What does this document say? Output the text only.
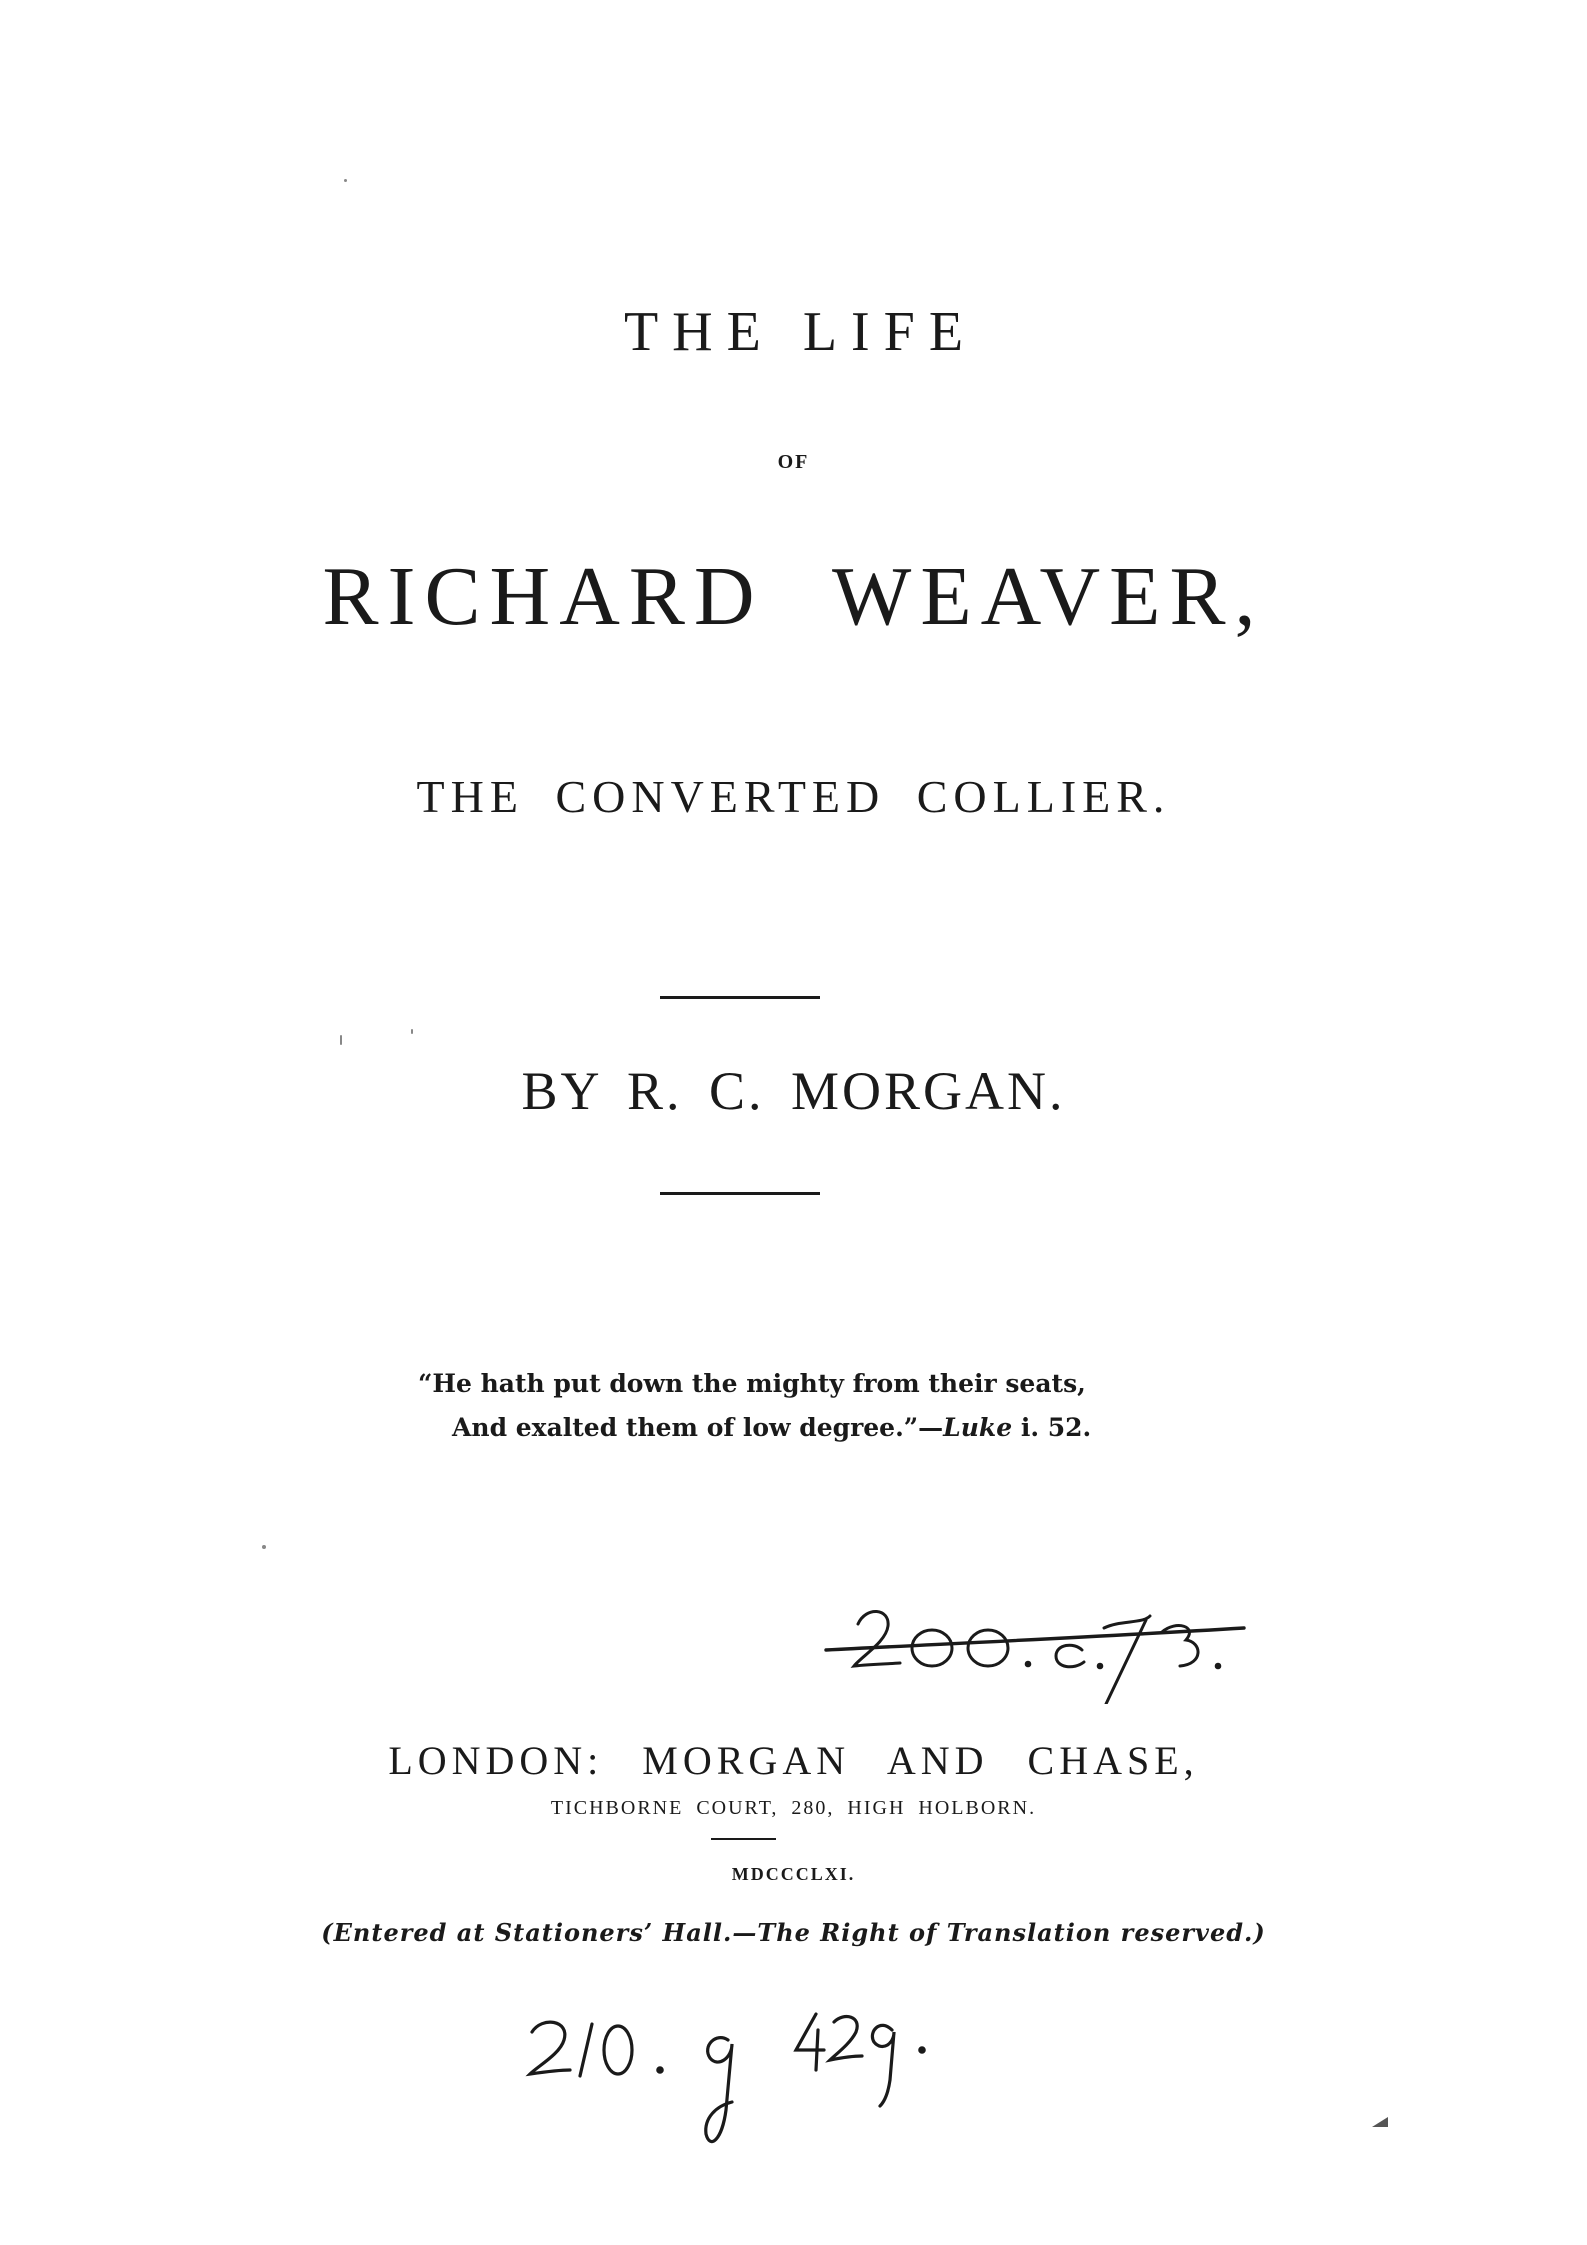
THE LIFE
OF
RICHARD WEAVER,
THE CONVERTED COLLIER.
BY R. C. MORGAN.
“He hath put down the mighty from their seats,
And exalted them of low degree.”—Luke i. 52.
LONDON: MORGAN AND CHASE,
TICHBORNE COURT, 280, HIGH HOLBORN.
MDCCCLXI.
(Entered at Stationers’ Hall.—The Right of Translation reserved.)
